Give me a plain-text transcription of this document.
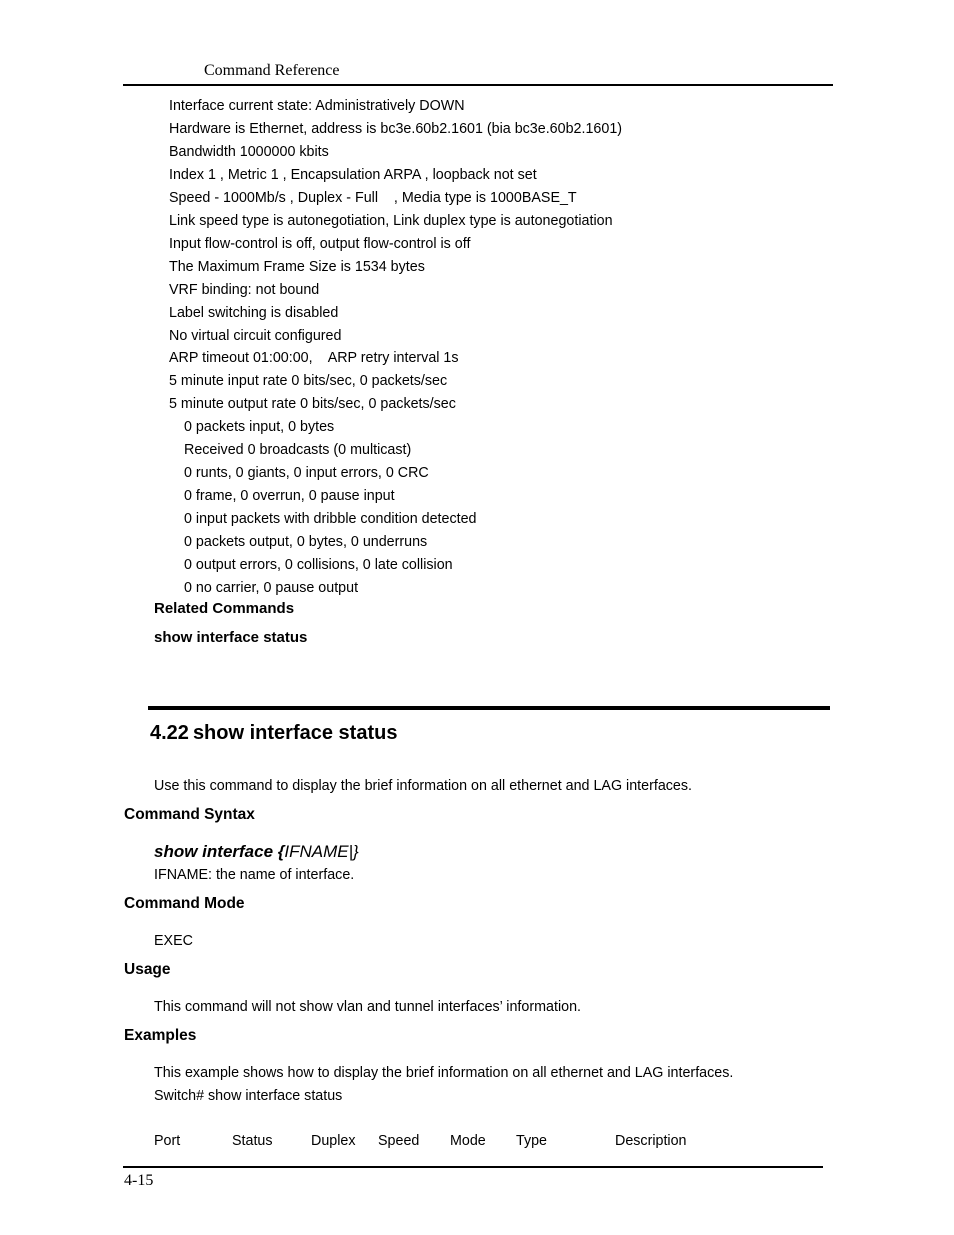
Command Reference
Interface current state: Administratively DOWN
Hardware is Ethernet, address is bc3e.60b2.1601 (bia bc3e.60b2.1601)
Bandwidth 1000000 kbits
Index 1 , Metric 1 , Encapsulation ARPA , loopback not set
Speed - 1000Mb/s , Duplex - Full    , Media type is 1000BASE_T
Link speed type is autonegotiation, Link duplex type is autonegotiation
Input flow-control is off, output flow-control is off
The Maximum Frame Size is 1534 bytes
VRF binding: not bound
Label switching is disabled
No virtual circuit configured
ARP timeout 01:00:00,    ARP retry interval 1s
5 minute input rate 0 bits/sec, 0 packets/sec
5 minute output rate 0 bits/sec, 0 packets/sec
0 packets input, 0 bytes
Received 0 broadcasts (0 multicast)
0 runts, 0 giants, 0 input errors, 0 CRC
0 frame, 0 overrun, 0 pause input
0 input packets with dribble condition detected
0 packets output, 0 bytes, 0 underruns
0 output errors, 0 collisions, 0 late collision
0 no carrier, 0 pause output
Related Commands
show interface status
4.22 show interface status
Use this command to display the brief information on all ethernet and LAG interfaces.
Command Syntax
show interface {IFNAME|}
IFNAME: the name of interface.
Command Mode
EXEC
Usage
This command will not show vlan and tunnel interfaces’ information.
Examples
This example shows how to display the brief information on all ethernet and LAG interfaces.
Switch# show interface status
Port	Status	Duplex Speed Mode Type	Description
4-15
